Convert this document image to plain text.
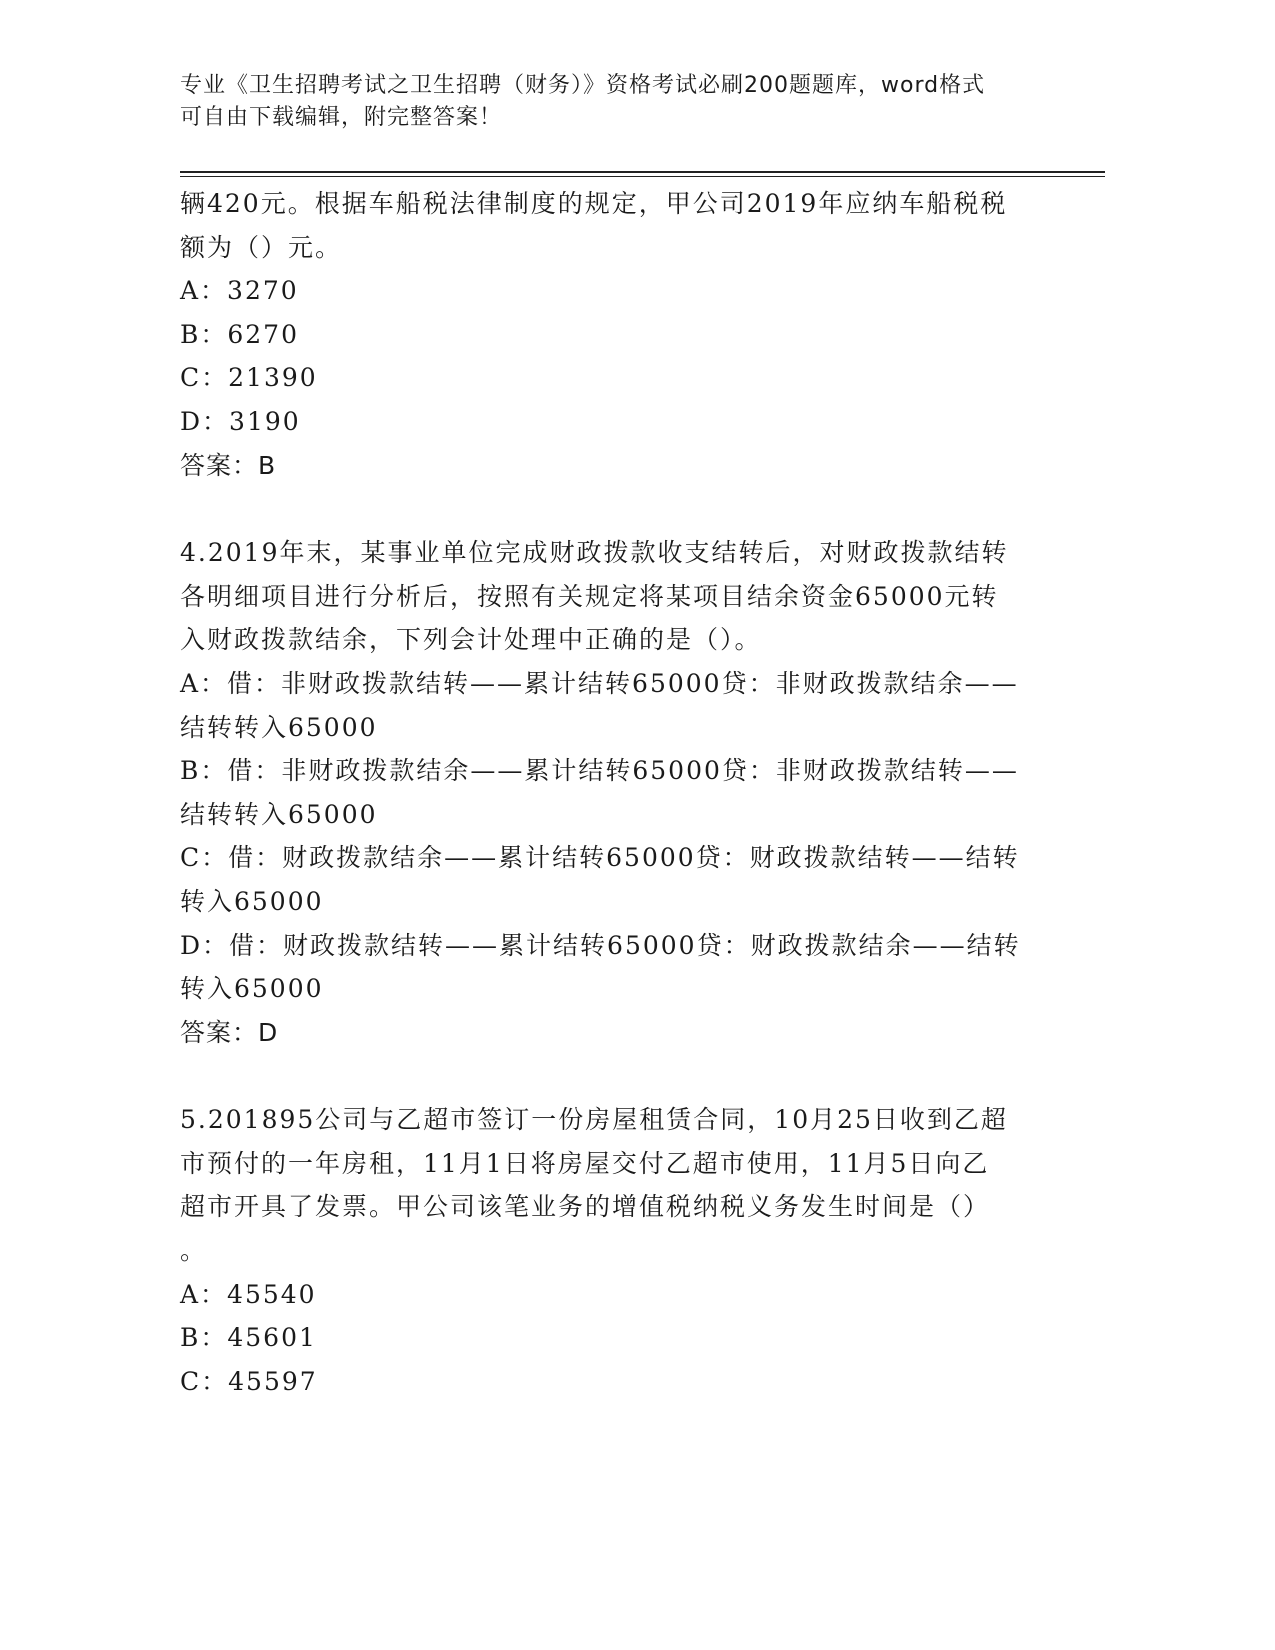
专业《卫生招聘考试之卫生招聘（财务）》资格考试必刷200题题库，word格式
可自由下载编辑，附完整答案！

辆420元。根据车船税法律制度的规定，甲公司2019年应纳车船税税

额为（）元。

A：3270

B：6270

C：21390

D：3190

答案：B

4.2019年末，某事业单位完成财政拨款收支结转后，对财政拨款结转

各明细项目进行分析后，按照有关规定将某项目结余资金65000元转

入财政拨款结余，下列会计处理中正确的是（）。

A：借：非财政拨款结转——累计结转65000贷：非财政拨款结余——

结转转入65000

B：借：非财政拨款结余——累计结转65000贷：非财政拨款结转——

结转转入65000

C：借：财政拨款结余——累计结转65000贷：财政拨款结转——结转

转入65000

D：借：财政拨款结转——累计结转65000贷：财政拨款结余——结转

转入65000

答案：D

5.201895公司与乙超市签订一份房屋租赁合同，10月25日收到乙超

市预付的一年房租，11月1日将房屋交付乙超市使用，11月5日向乙

超市开具了发票。甲公司该笔业务的增值税纳税义务发生时间是（）

。

A：45540

B：45601

C：45597
